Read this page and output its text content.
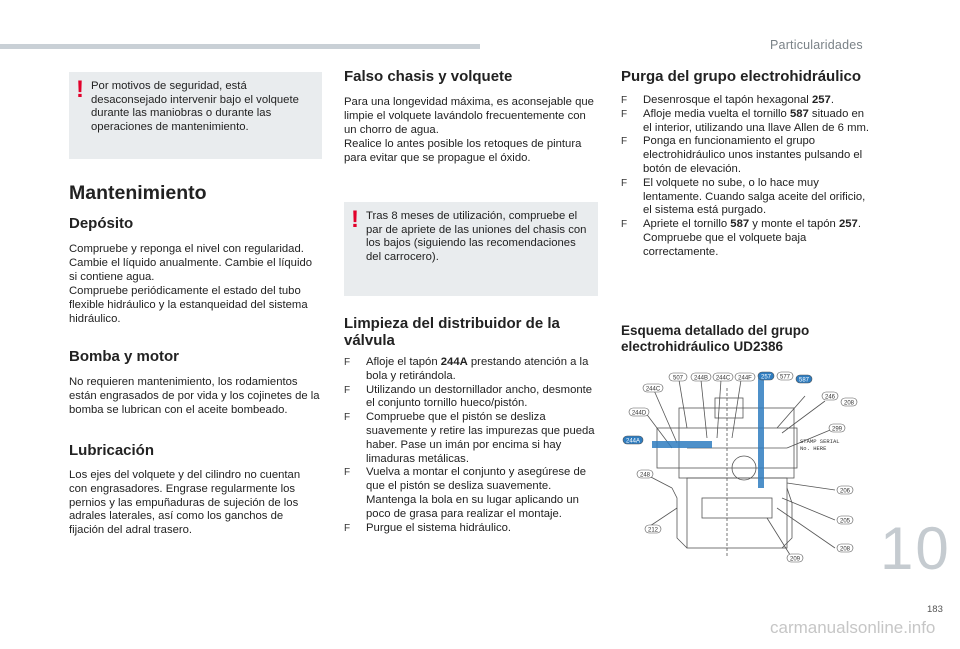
Particularidades
! Por motivos de seguridad, está desaconsejado intervenir bajo el volquete durante las maniobras o durante las operaciones de mantenimiento.

Mantenimiento
Depósito

Compruebe y reponga el nivel con regularidad. Cambie el líquido anualmente. Cambie el líquido si contiene agua.

Compruebe periódicamente el estado del tubo flexible hidráulico y la estanqueidad del sistema hidráulico.

Bomba y motor

No requieren mantenimiento, los rodamientos están engrasados de por vida y los cojinetes de la bomba se lubrican con el aceite bombeado.

Lubricación

Los ejes del volquete y del cilindro no cuentan con engrasadores. Engrase regularmente los pernios y las empuñaduras de sujeción de los adrales laterales, así como los ganchos de fijación del adral trasero.

Falso chasis y volquete

Para una longevidad máxima, es aconsejable que limpie el volquete lavándolo frecuentemente con un chorro de agua.

Realice lo antes posible los retoques de pintura para evitar que se propague el óxido.

! Tras 8 meses de utilización, compruebe el par de apriete de las uniones del chasis con los bajos (siguiendo las recomendaciones del carrocero).

Limpieza del distribuidor de la
válvula
F Afloje el tapón 244A prestando atención a la bola y retirándola.
F Utilizando un destornillador ancho, desmonte el conjunto tornillo hueco/pistón.
F Compruebe que el pistón se desliza suavemente y retire las impurezas que pueda haber. Pase un imán por encima si hay limaduras metálicas.
F Vuelva a montar el conjunto y asegúrese de que el pistón se desliza suavemente. Mantenga la bola en su lugar aplicando un poco de grasa para realizar el montaje.
F Purgue el sistema hidráulico.
Purga del grupo electrohidráulico
F Desenrosque el tapón hexagonal 257.
F Afloje media vuelta el tornillo 587 situado en el interior, utilizando una llave Allen de 6 mm.
F Ponga en funcionamiento el grupo electrohidráulico unos instantes pulsando el botón de elevación.
F El volquete no sube, o lo hace muy lentamente. Cuando salga aceite del orificio, el sistema está purgado.
F Apriete el tornillo 587 y monte el tapón 257. Compruebe que el volquete baja correctamente.
Esquema detallado del grupo
electrohidráulico UD2386
507 244B 244C 244F 257 577 587
244C
244D
244A
248
212
246
208
299
206
205
208
209
STAMP SERIAL
No. HERE
10
183
carmanualsonline.info
